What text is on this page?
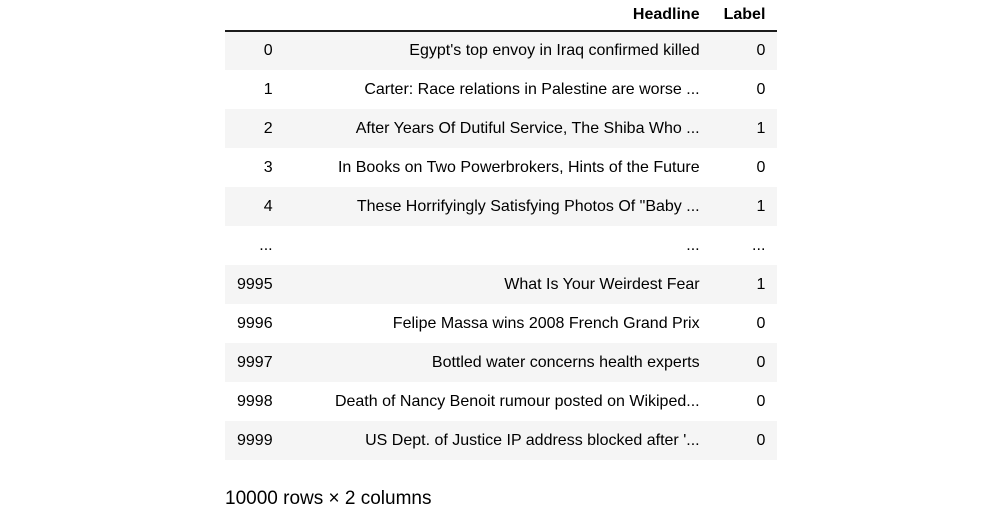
	Headline	Label
0	Egypt's top envoy in Iraq confirmed killed	0
1	Carter: Race relations in Palestine are worse ...	0
2	After Years Of Dutiful Service, The Shiba Who ...	1
3	In Books on Two Powerbrokers, Hints of the Future	0
4	These Horrifyingly Satisfying Photos Of "Baby ...	1
...	...	...
9995	What Is Your Weirdest Fear	1
9996	Felipe Massa wins 2008 French Grand Prix	0
9997	Bottled water concerns health experts	0
9998	Death of Nancy Benoit rumour posted on Wikiped...	0
9999	US Dept. of Justice IP address blocked after '...	0

10000 rows × 2 columns
